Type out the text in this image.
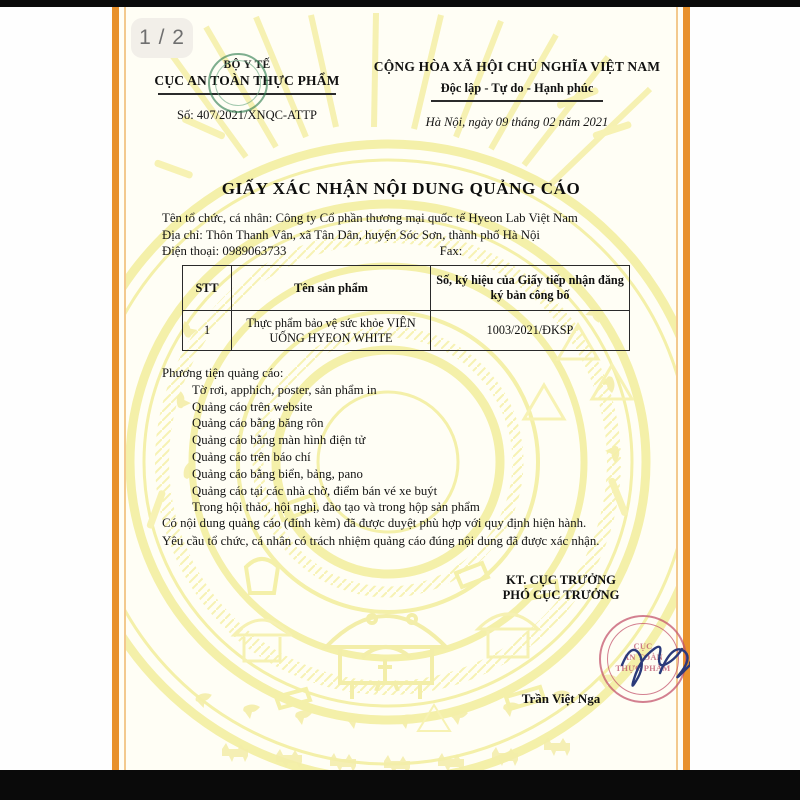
BỘ Y TẾ
CỤC AN TOÀN THỰC PHẨM
Số: 407/2021/XNQC-ATTP
CỘNG HÒA XÃ HỘI CHỦ NGHĨA VIỆT NAM
Độc lập - Tự do - Hạnh phúc
Hà Nội, ngày 09 tháng 02 năm 2021
GIẤY XÁC NHẬN NỘI DUNG QUẢNG CÁO
Tên tổ chức, cá nhân: Công ty Cổ phần thương mại quốc tế Hyeon Lab Việt Nam
Địa chỉ: Thôn Thanh Vân, xã Tân Dân, huyện Sóc Sơn, thành phố Hà Nội
Điện thoại: 0989063733	Fax:
STT	Tên sản phẩm	Số, ký hiệu của Giấy tiếp nhận đăng ký bản công bố
1	Thực phẩm bảo vệ sức khỏe VIÊN UỐNG HYEON WHITE	1003/2021/ĐKSP

Phương tiện quảng cáo:

Tờ rơi, apphich, poster, sản phẩm in
Quảng cáo trên website
Quảng cáo bằng băng rôn
Quảng cáo bằng màn hình điện tử
Quảng cáo trên báo chí
Quảng cáo bằng biển, bảng, pano
Quảng cáo tại các nhà chờ, điểm bán vé xe buýt
Trong hội thảo, hội nghị, đào tạo và trong hộp sản phẩm
Có nội dung quảng cáo (đính kèm) đã được duyệt phù hợp với quy định hiện hành.
Yêu cầu tổ chức, cá nhân có trách nhiệm quảng cáo đúng nội dung đã được xác nhận.
KT. CỤC TRƯỞNG
PHÓ CỤC TRƯỞNG
Trần Việt Nga
CỤC
AN TOÀN
THỰC PHẨM
1 / 2
